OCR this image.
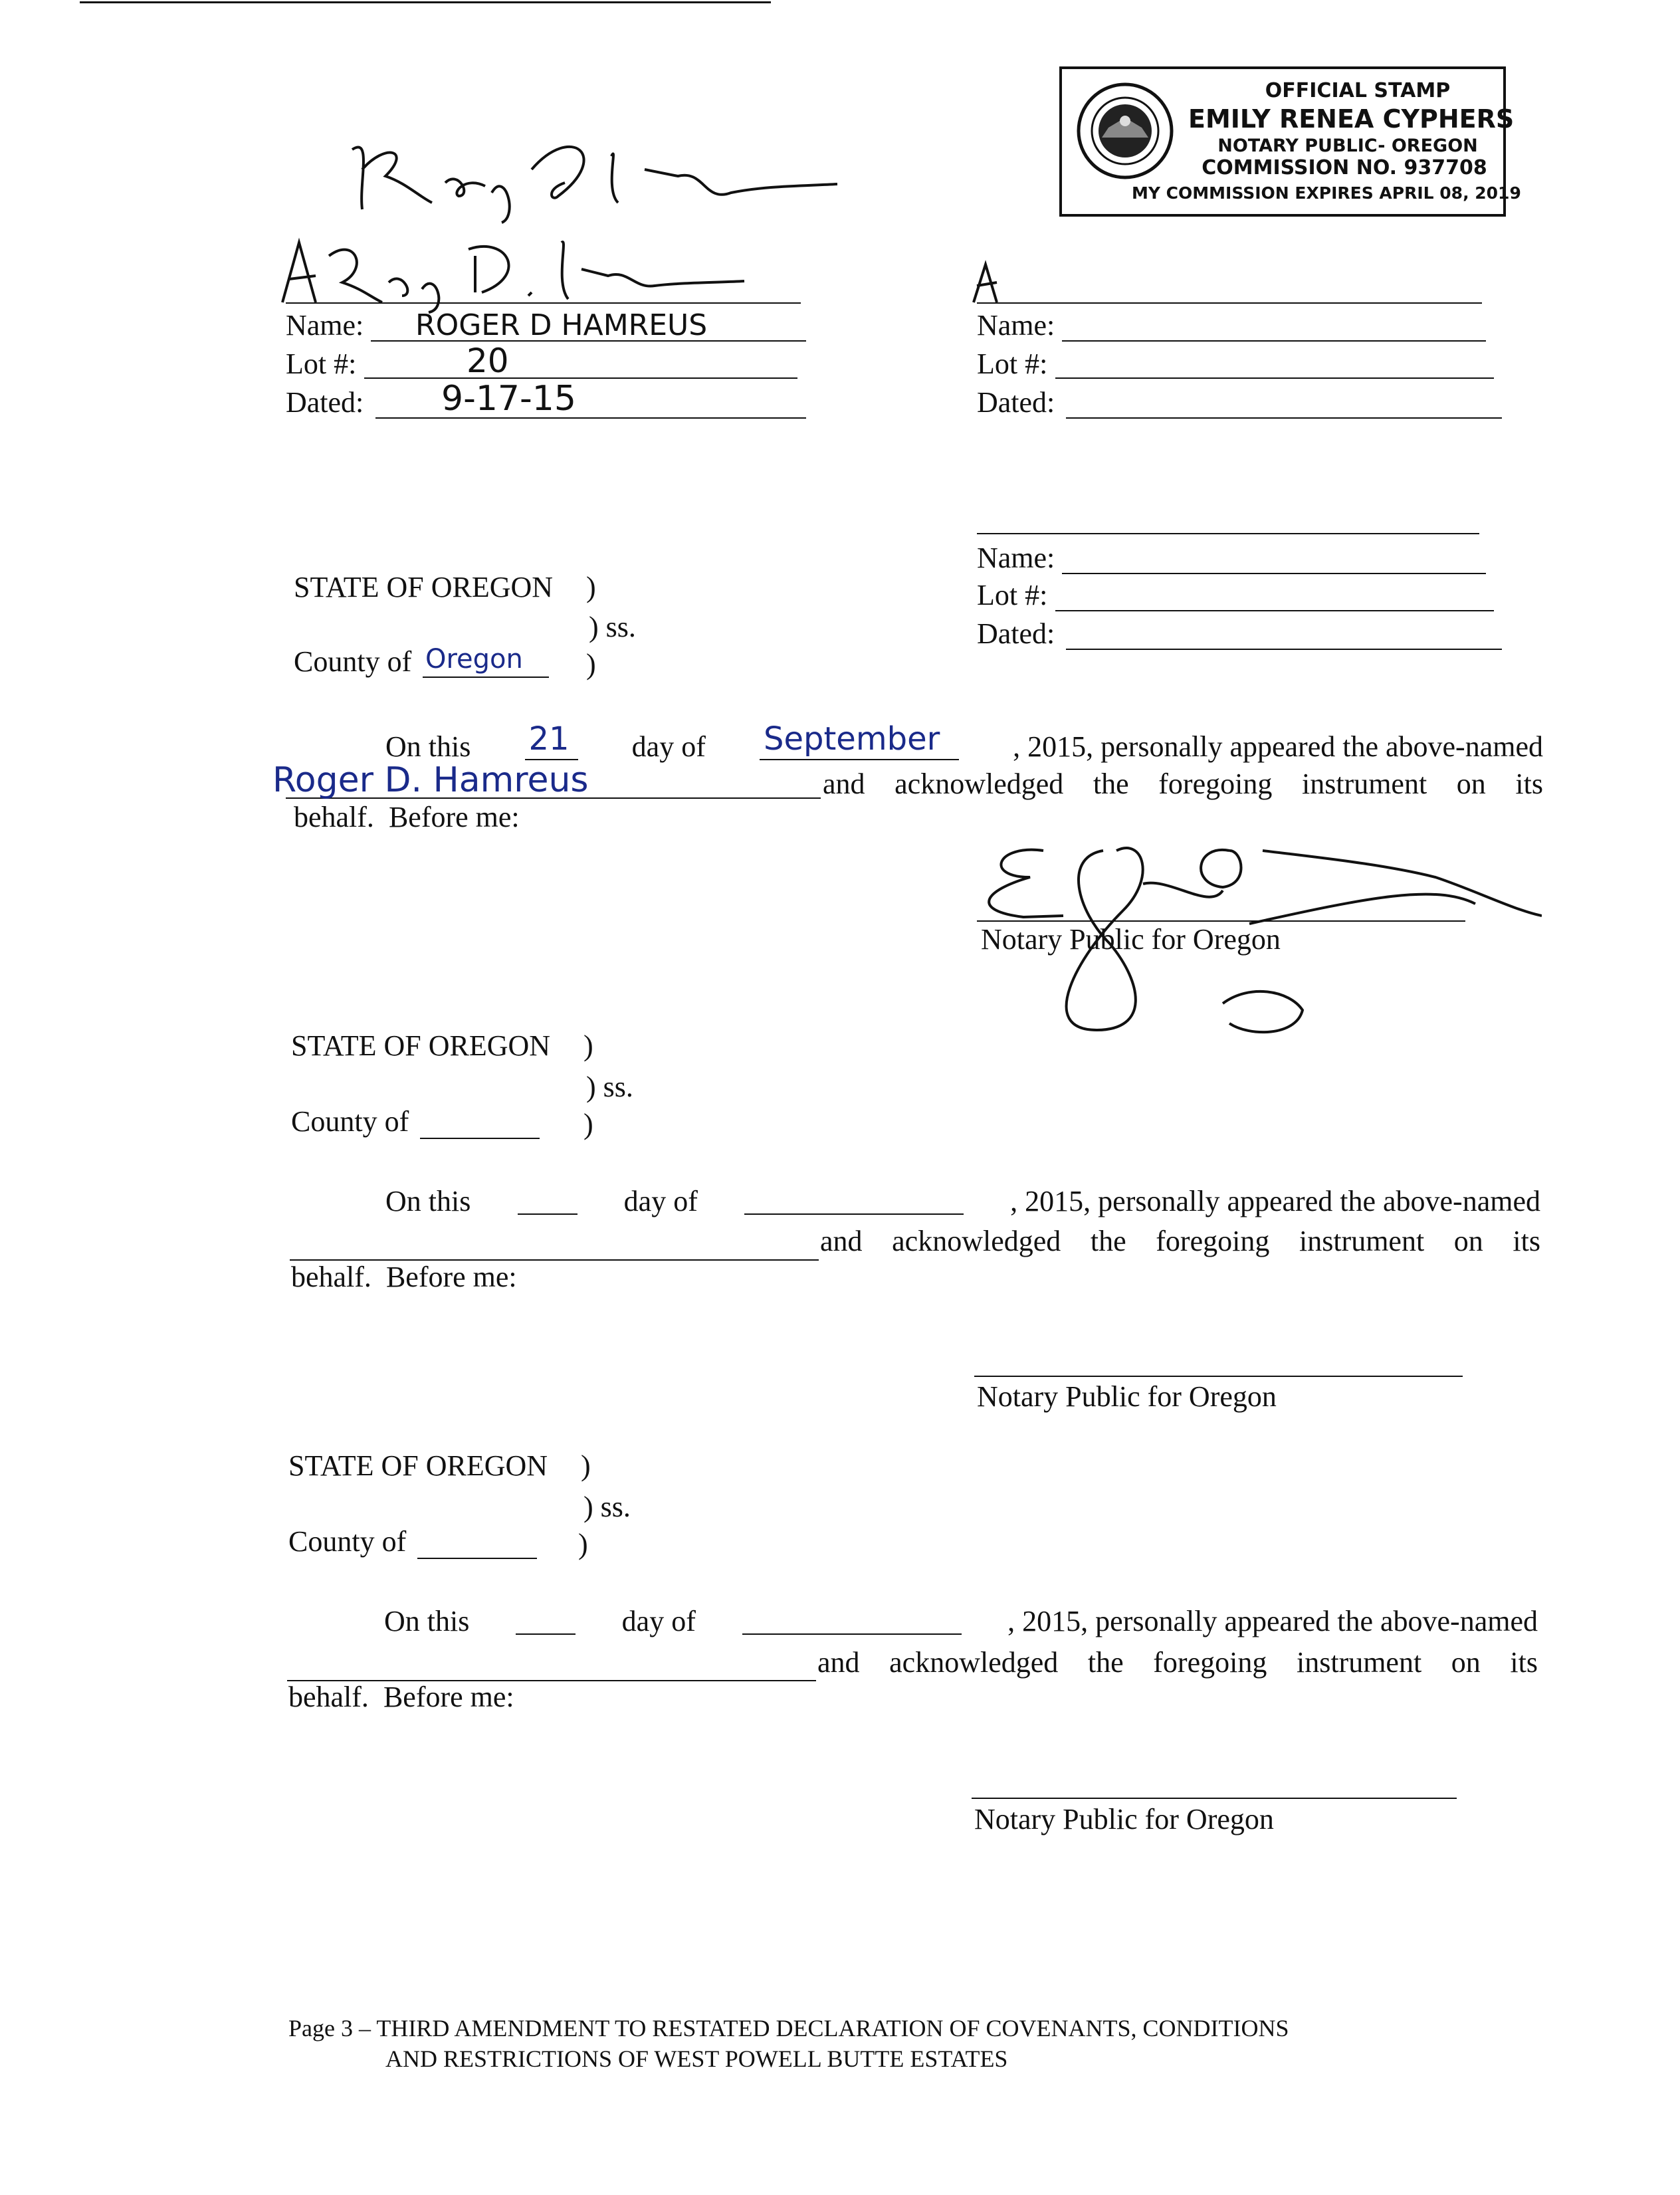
OFFICIAL STAMP
EMILY RENEA CYPHERS
NOTARY PUBLIC- OREGON
COMMISSION NO. 937708
MY COMMISSION EXPIRES APRIL 08, 2019
Name: ROGER D HAMREUS
Lot #:	20
Dated: 9-17-15
Name:
Lot #:
Dated:
Name:
Lot #:
Dated:
STATE OF OREGON )
) ss.
County of Oregon )
On this 21 day of September , 2015, personally appeared the above-named
Roger D. Hamreus	and acknowledged the foregoing instrument on its
behalf. Before me:
Notary Public for Oregon
STATE OF OREGON )
) ss.
County of	)
On this	day of	, 2015, personally appeared the above-named
and acknowledged the foregoing instrument on its
behalf. Before me:
Notary Public for Oregon
STATE OF OREGON )
) ss.
County of	)
On this	day of	, 2015, personally appeared the above-named
and acknowledged the foregoing instrument on its
behalf. Before me:
Notary Public for Oregon
Page 3 – THIRD AMENDMENT TO RESTATED DECLARATION OF COVENANTS, CONDITIONS
AND RESTRICTIONS OF WEST POWELL BUTTE ESTATES
